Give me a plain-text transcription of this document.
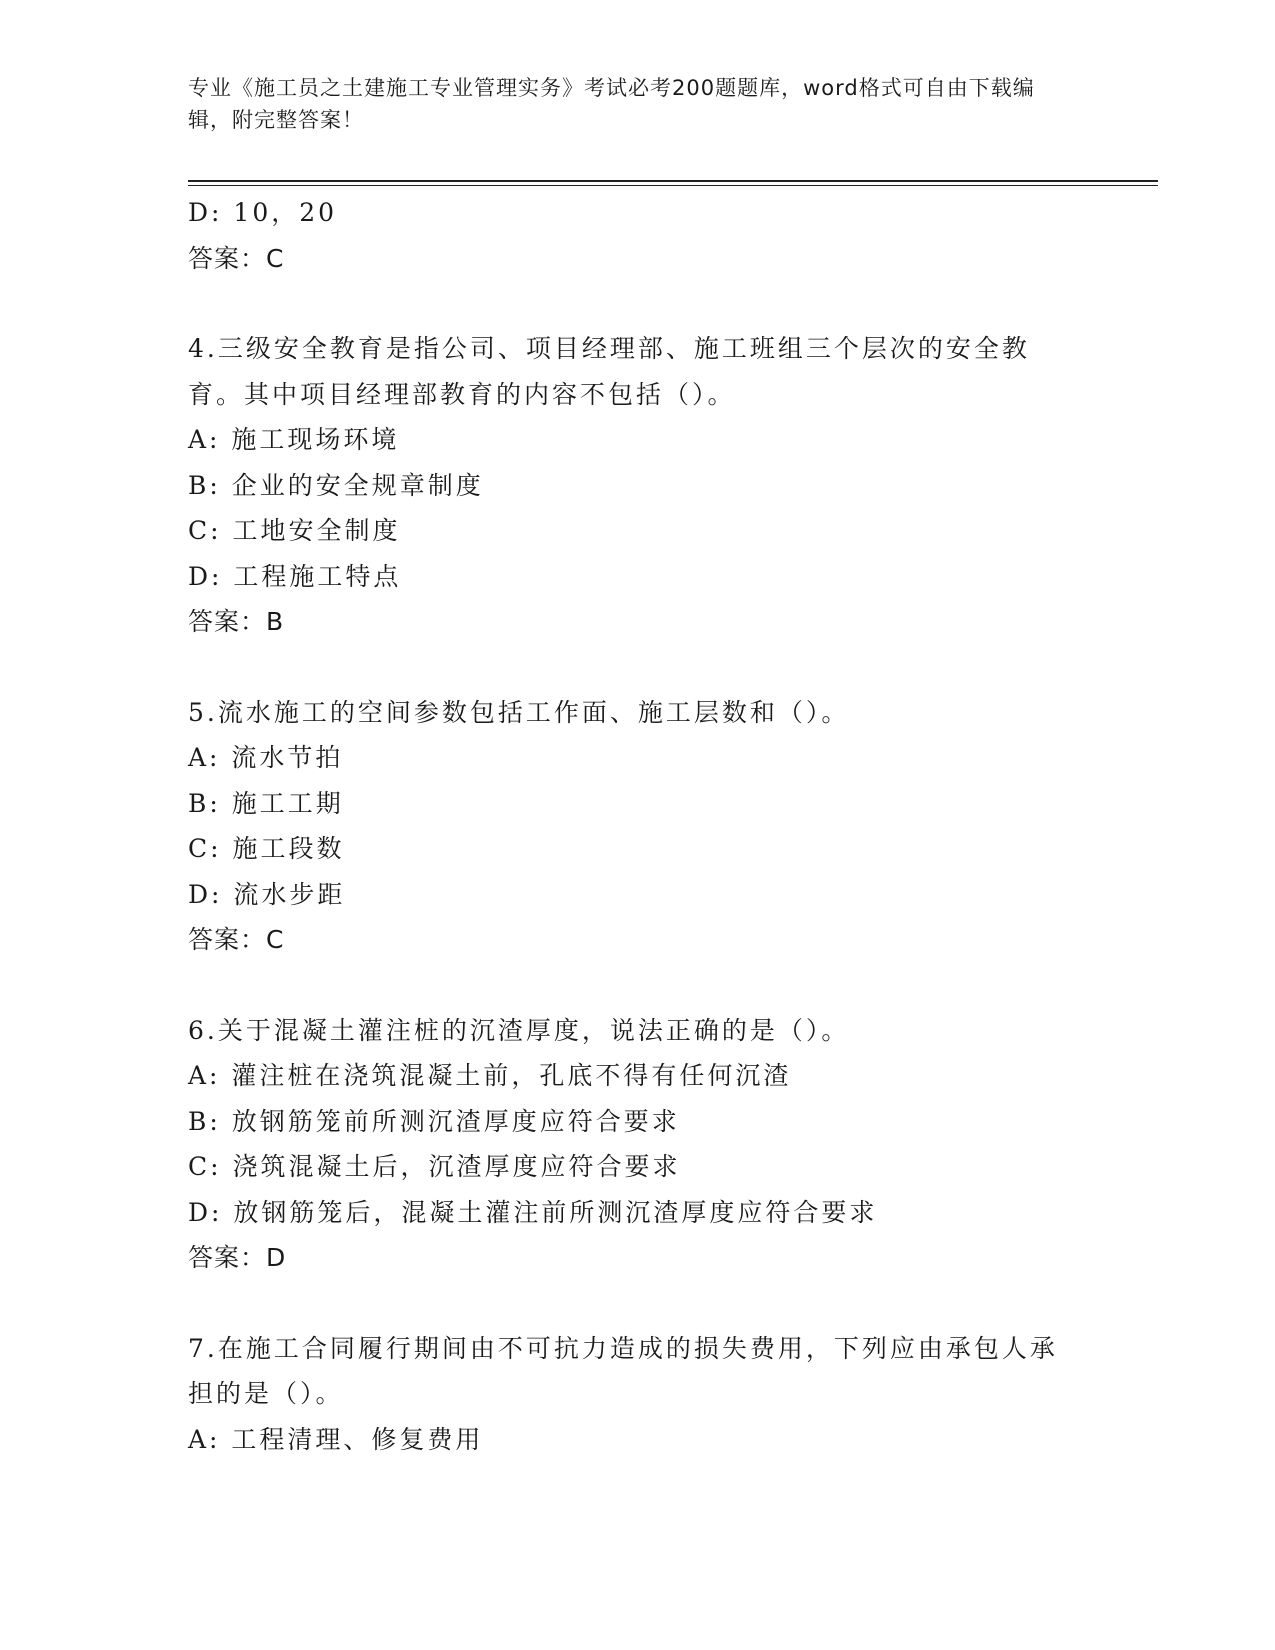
专业《施工员之土建施工专业管理实务》考试必考200题题库，word格式可自由下载编辑，附完整答案！
D: 10，20
答案：C
4.三级安全教育是指公司、项目经理部、施工班组三个层次的安全教育。其中项目经理部教育的内容不包括（）。
A: 施工现场环境
B: 企业的安全规章制度
C: 工地安全制度
D: 工程施工特点
答案：B
5.流水施工的空间参数包括工作面、施工层数和（）。
A: 流水节拍
B: 施工工期
C: 施工段数
D: 流水步距
答案：C
6.关于混凝土灌注桩的沉渣厚度，说法正确的是（）。
A: 灌注桩在浇筑混凝土前，孔底不得有任何沉渣
B: 放钢筋笼前所测沉渣厚度应符合要求
C: 浇筑混凝土后，沉渣厚度应符合要求
D: 放钢筋笼后，混凝土灌注前所测沉渣厚度应符合要求
答案：D
7.在施工合同履行期间由不可抗力造成的损失费用，下列应由承包人承担的是（）。
A: 工程清理、修复费用
